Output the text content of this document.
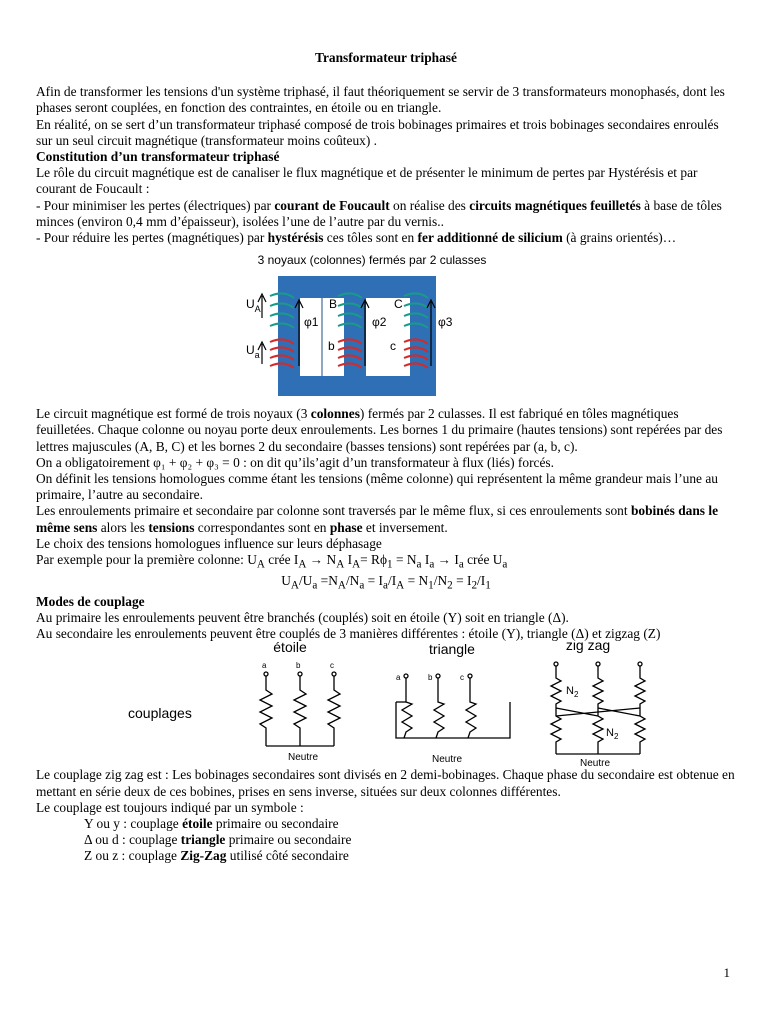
Transformateur triphasé

Afin de transformer les tensions d'un système triphasé, il faut théoriquement se servir de 3 transformateurs monophasés, dont les phases seront couplées, en fonction des contraintes, en étoile ou en triangle.

En réalité, on se sert d’un transformateur triphasé composé de trois bobinages primaires et trois bobinages secondaires enroulés sur un seul circuit magnétique (transformateur moins coûteux) .

Constitution d’un transformateur triphasé

Le rôle du circuit magnétique est de canaliser le flux magnétique et de présenter le minimum de pertes par Hystérésis et par courant de Foucault :

- Pour minimiser les pertes (électriques) par courant de Foucault on réalise des circuits magnétiques feuilletés à base de tôles minces (environ 0,4 mm d’épaisseur), isolées l’une de l’autre par du vernis..

- Pour réduire les pertes (magnétiques) par hystérésis ces tôles sont en fer additionné de silicium (à grains orientés)…

3 noyaux (colonnes) fermés par 2 culasses
$U_A$
$U_a$
B	C
b	c
φ1	φ2	φ3

Le circuit magnétique est formé de trois noyaux (3 colonnes) fermés par 2 culasses. Il est fabriqué en tôles magnétiques feuilletées. Chaque colonne ou noyau porte deux enroulements. Les bornes 1 du primaire (hautes tensions) sont repérées par des lettres majuscules (A, B, C) et les bornes 2 du secondaire (basses tensions) sont repérées par (a, b, c).

On a obligatoirement φ₁ + φ₂ + φ₃ = 0 : on dit qu’ils’agit d’un transformateur à flux (liés) forcés.

On définit les tensions homologues comme étant les tensions (même colonne) qui représentent la même grandeur mais l’une au primaire, l’autre au secondaire.

Les enroulements primaire et secondaire par colonne sont traversés par le même flux, si ces enroulements sont bobinés dans le même sens alors les tensions correspondantes sont en phase et inversement.

Le choix des tensions homologues influence sur leurs déphasage

Par exemple pour la première colonne: $U_A$ crée $I_A \to N_A$ $I_A= R\phi_1 = N_a$ $I_a \to I_a$ crée $U_a$

$U_A/U_a =N_A/N_a = I_a/I_A = N_1/N_2 = I_2/I_1$

Modes de couplage

Au primaire les enroulements peuvent être branchés (couplés) soit en étoile (Y) soit en triangle (Δ).

Au secondaire les enroulements peuvent être couplés de 3 manières différentes : étoile (Y), triangle (Δ) et zigzag (Z)

couplages
étoile	triangle	zig zag
a	b	c
Neutre
a	b	c
Neutre
$N_2$
$N_2$
Neutre

Le couplage zig zag est : Les bobinages secondaires sont divisés en 2 demi-bobinages. Chaque phase du secondaire est obtenue en mettant en série deux de ces bobines, prises en sens inverse, situées sur deux colonnes différentes.

Le couplage est toujours indiqué par un symbole :

Y ou y : couplage étoile primaire ou secondaire

Δ ou d : couplage triangle primaire ou secondaire

Z ou z : couplage Zig-Zag utilisé côté secondaire

1
